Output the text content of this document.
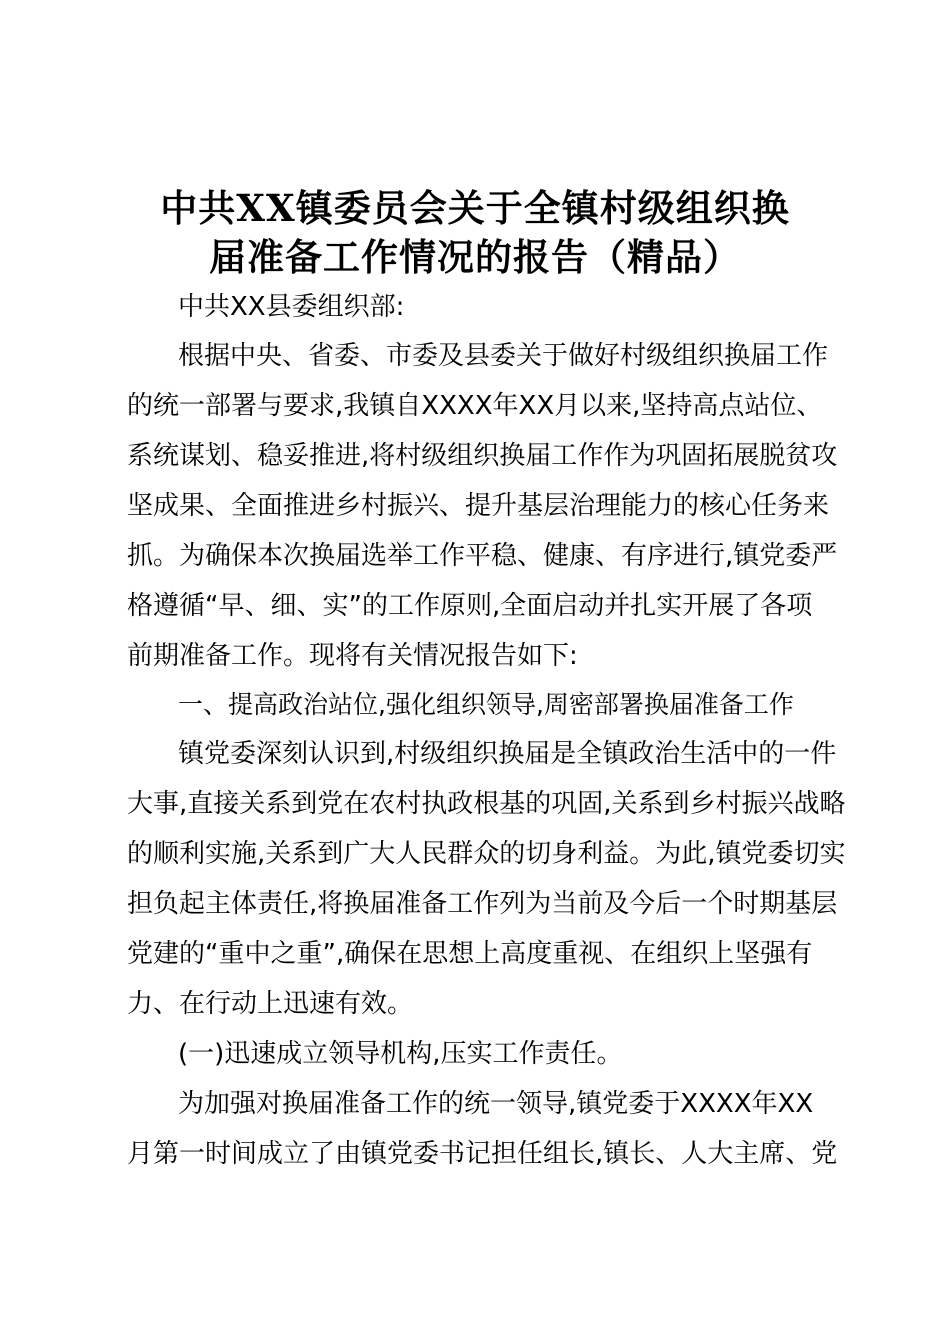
中共XX镇委员会关于全镇村级组织换
届准备工作情况的报告（精品）
中共XX县委组织部:
根据中央、省委、市委及县委关于做好村级组织换届工作
的统一部署与要求,我镇自XXXX年XX月以来,坚持高点站位、
系统谋划、稳妥推进,将村级组织换届工作作为巩固拓展脱贫攻
坚成果、全面推进乡村振兴、提升基层治理能力的核心任务来
抓。为确保本次换届选举工作平稳、健康、有序进行,镇党委严
格遵循“早、细、实”的工作原则,全面启动并扎实开展了各项
前期准备工作。现将有关情况报告如下:
一、提高政治站位,强化组织领导,周密部署换届准备工作
镇党委深刻认识到,村级组织换届是全镇政治生活中的一件
大事,直接关系到党在农村执政根基的巩固,关系到乡村振兴战略
的顺利实施,关系到广大人民群众的切身利益。为此,镇党委切实
担负起主体责任,将换届准备工作列为当前及今后一个时期基层
党建的“重中之重”,确保在思想上高度重视、在组织上坚强有
力、在行动上迅速有效。
(一)迅速成立领导机构,压实工作责任。
为加强对换届准备工作的统一领导,镇党委于XXXX年XX
月第一时间成立了由镇党委书记担任组长,镇长、人大主席、党
